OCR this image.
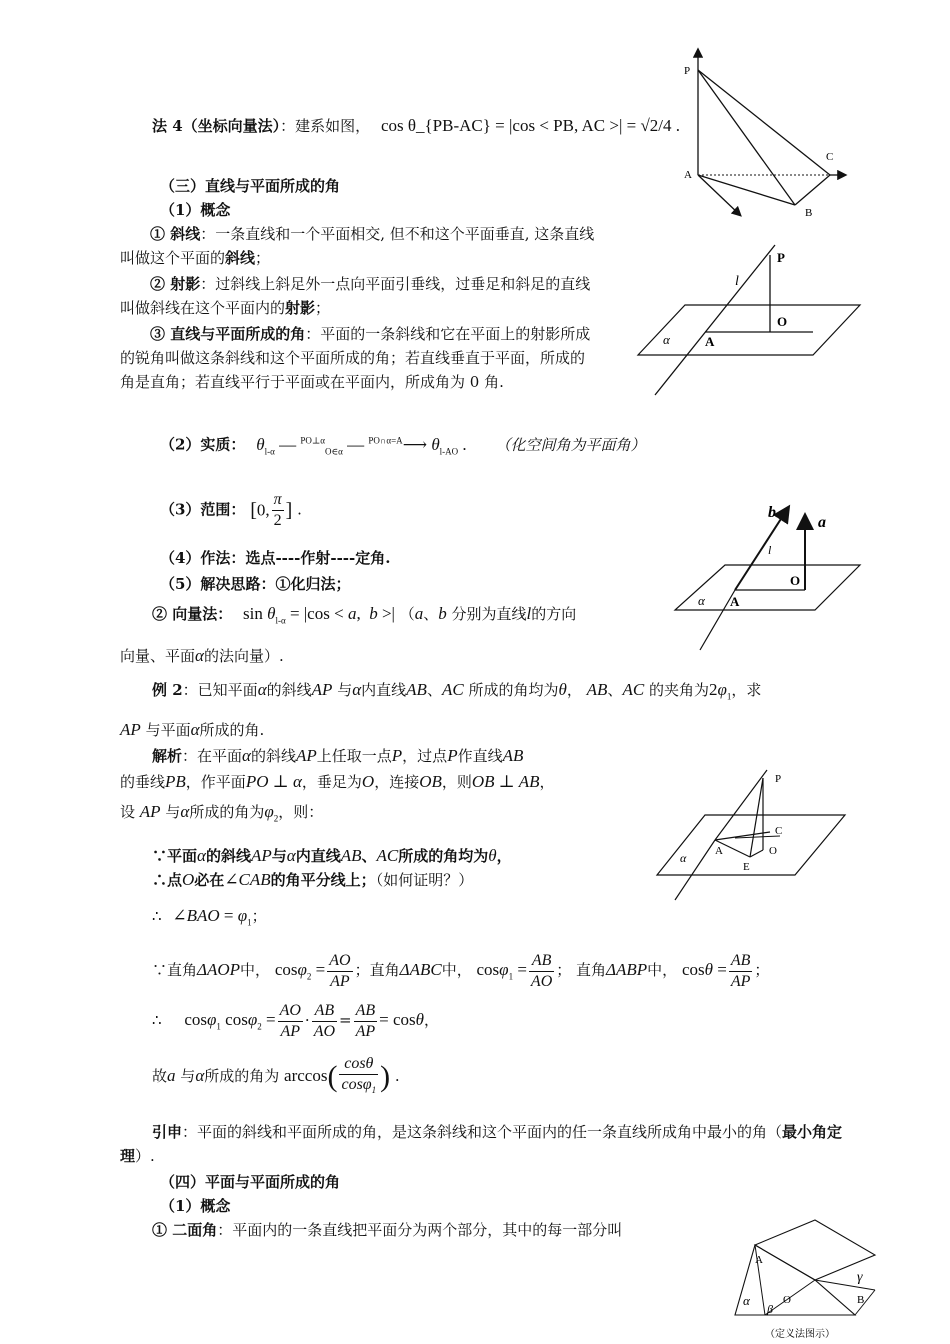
法 4（坐标向量法）：建系如图， cos θ_{PB-AC} = |cos < PB, AC >| = √2/4 .
（三）直线与平面所成的角
（1）概念
① 斜线：一条直线和一个平面相交, 但不和这个平面垂直, 这条直线叫做这个平面的斜线；
② 射影：过斜线上斜足外一点向平面引垂线，过垂足和斜足的直线叫做斜线在这个平面内的射影；
③ 直线与平面所成的角：平面的一条斜线和它在平面上的射影所成的锐角叫做这条斜线和这个平面所成的角；若直线垂直于平面，所成的角是直角；若直线平行于平面或在平面内，所成角为 0 角.
（2）实质： $\theta_{l-\alpha}$ — $^{PO\perp\alpha}_{O\in\alpha}$ — $^{PO\cap\alpha=A}$⟶ $\theta_{l-AO}$ . （化空间角为平面角）
（3）范围： [0, $\frac{\pi}{2}$ ] .
（4）作法：选点----作射----定角.
（5）解决思路：①化归法；
② 向量法： $\sin \theta_{l-\alpha} = |\cos < a$,  b >| （a、b 分别为直线l的方向
向量、平面α的法向量）.
例 2：已知平面α的斜线AP 与α内直线AB、AC 所成的角均为θ， AB、AC 的夹角为$2\varphi_1$，求
AP 与平面α所成的角.
解析：在平面α的斜线AP上任取一点P，过点P作直线AB
的垂线PB，作平面PO ⊥ α，垂足为O，连接OB，则OB ⊥ AB，
设 AP 与α所成的角为$\varphi_2$，则：
∵平面α的斜线AP与α内直线AB、AC所成的角均为θ，
∴点O必在∠CAB的角平分线上；（如何证明？）
∴ ∠BAO = $\varphi_1$；
∵直角ΔAOP中， $\cos\varphi_2 = \frac{AO}{AP}$ ；直角ΔABC中， $\cos\varphi_1 = \frac{AB}{AO}$ ； 直角ΔABP中， $\cos\theta = \frac{AB}{AP}$ ；
∴ cosφ$_1$ $\cos\varphi_2 = \frac{AO}{AP} \cdot \frac{AB}{AO} = \frac{AB}{AP} = \cos\theta$，
故a 与α所成的角为 $\arccos( \frac{\cos\theta}{\cos\varphi_1}$ ) .
引申：平面的斜线和平面所成的角，是这条斜线和这个平面内的任一条直线所成角中最小的角（最小角定理）.
（四）平面与平面所成的角
（1）概念
① 二面角：平面内的一条直线把平面分为两个部分，其中的每一部分叫
P
A
B
C
l
P
O
α	A
b
a
l
O
α A
P
C
A	O
E
α
A
γ
O	B
α
β
（定义法图示）
